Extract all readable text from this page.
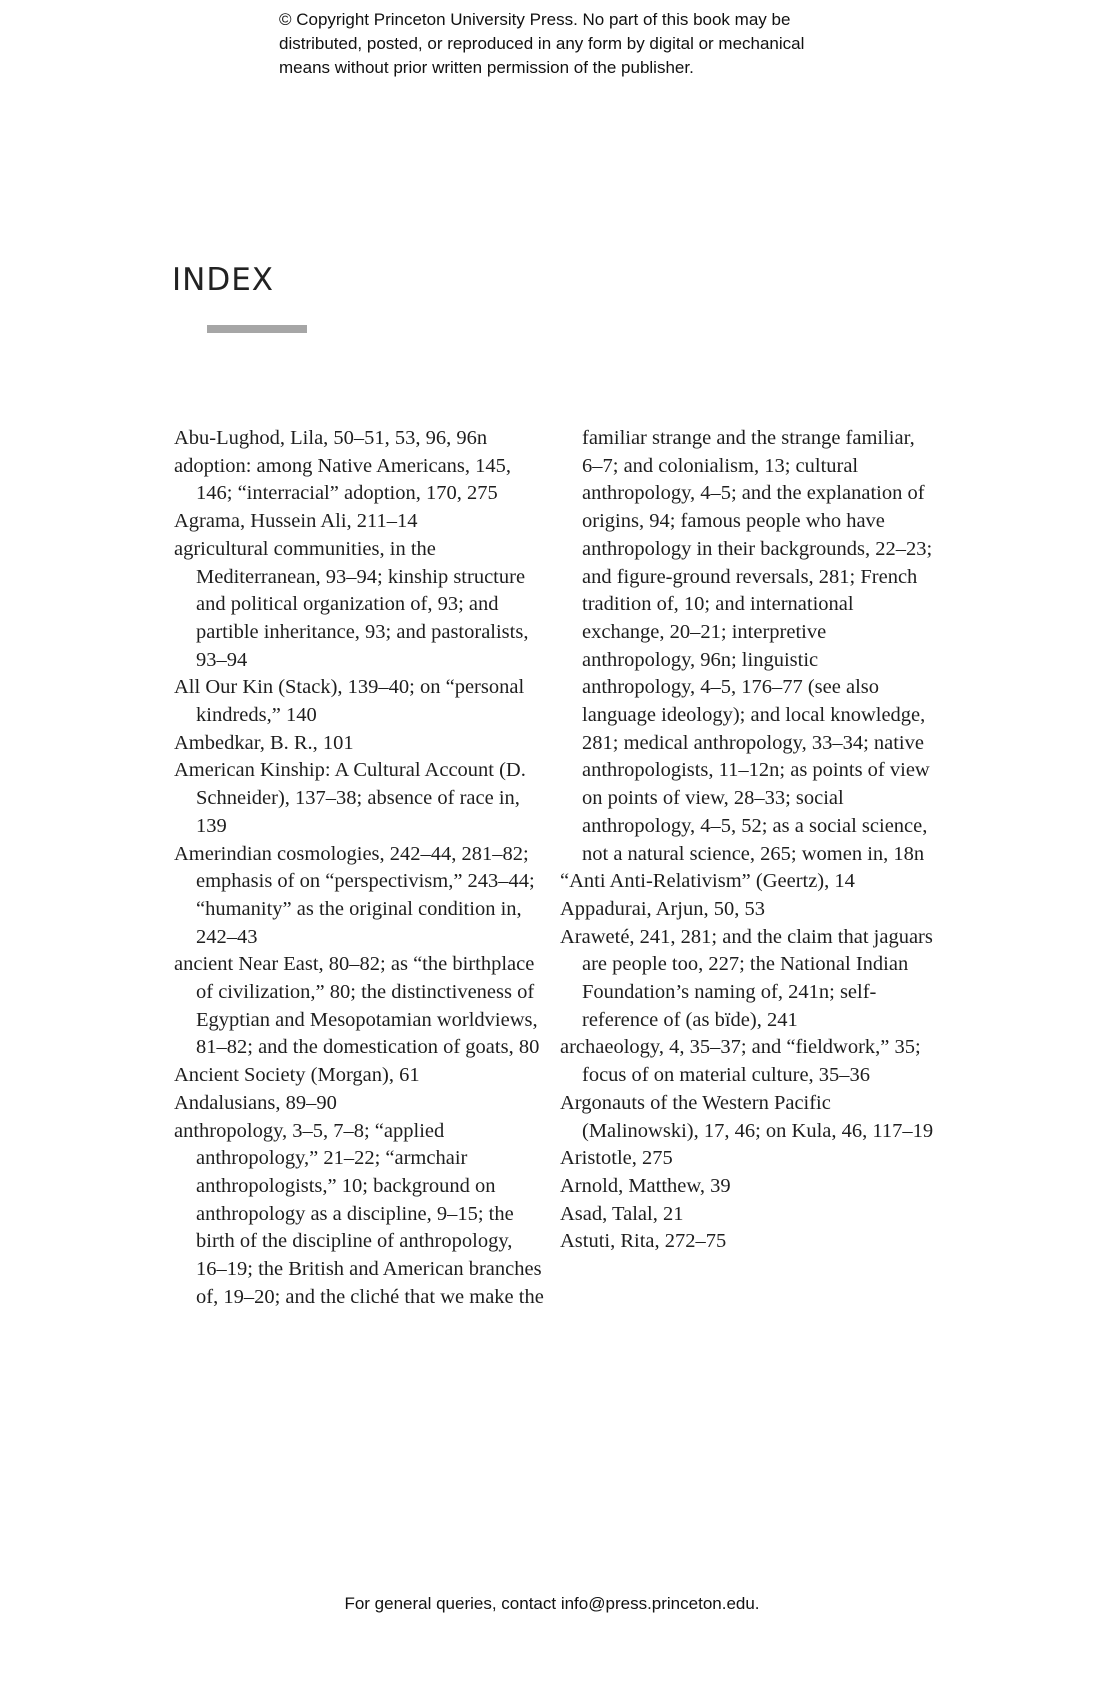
© Copyright Princeton University Press. No part of this book may be
distributed, posted, or reproduced in any form by digital or mechanical
means without prior written permission of the publisher.
INDEX
Abu-Lughod, Lila, 50–51, 53, 96, 96n
adoption: among Native Americans, 145, 146; “interracial” adoption, 170, 275
Agrama, Hussein Ali, 211–14
agricultural communities, in the Mediterranean, 93–94; kinship structure and political organization of, 93; and partible inheritance, 93; and pastoralists, 93–94
All Our Kin (Stack), 139–40; on “personal kindreds,” 140
Ambedkar, B. R., 101
American Kinship: A Cultural Account (D. Schneider), 137–38; absence of race in, 139
Amerindian cosmologies, 242–44, 281–82; emphasis of on “perspectivism,” 243–44; “humanity” as the original condition in, 242–43
ancient Near East, 80–82; as “the birthplace of civilization,” 80; the distinctiveness of Egyptian and Mesopotamian worldviews, 81–82; and the domestication of goats, 80
Ancient Society (Morgan), 61
Andalusians, 89–90
anthropology, 3–5, 7–8; “applied anthropology,” 21–22; “armchair anthropologists,” 10; background on anthropology as a discipline, 9–15; the birth of the discipline of anthropology, 16–19; the British and American branches of, 19–20; and the cliché that we make the
familiar strange and the strange familiar, 6–7; and colonialism, 13; cultural anthropology, 4–5; and the explanation of origins, 94; famous people who have anthropology in their backgrounds, 22–23; and figure-ground reversals, 281; French tradition of, 10; and international exchange, 20–21; interpretive anthropology, 96n; linguistic anthropology, 4–5, 176–77 (see also language ideology); and local knowledge, 281; medical anthropology, 33–34; native anthropologists, 11–12n; as points of view on points of view, 28–33; social anthropology, 4–5, 52; as a social science, not a natural science, 265; women in, 18n
“Anti Anti-Relativism” (Geertz), 14
Appadurai, Arjun, 50, 53
Araweté, 241, 281; and the claim that jaguars are people too, 227; the National Indian Foundation’s naming of, 241n; self-reference of (as bïde), 241
archaeology, 4, 35–37; and “fieldwork,” 35; focus of on material culture, 35–36
Argonauts of the Western Pacific (Malinowski), 17, 46; on Kula, 46, 117–19
Aristotle, 275
Arnold, Matthew, 39
Asad, Talal, 21
Astuti, Rita, 272–75
For general queries, contact info@press.princeton.edu.
